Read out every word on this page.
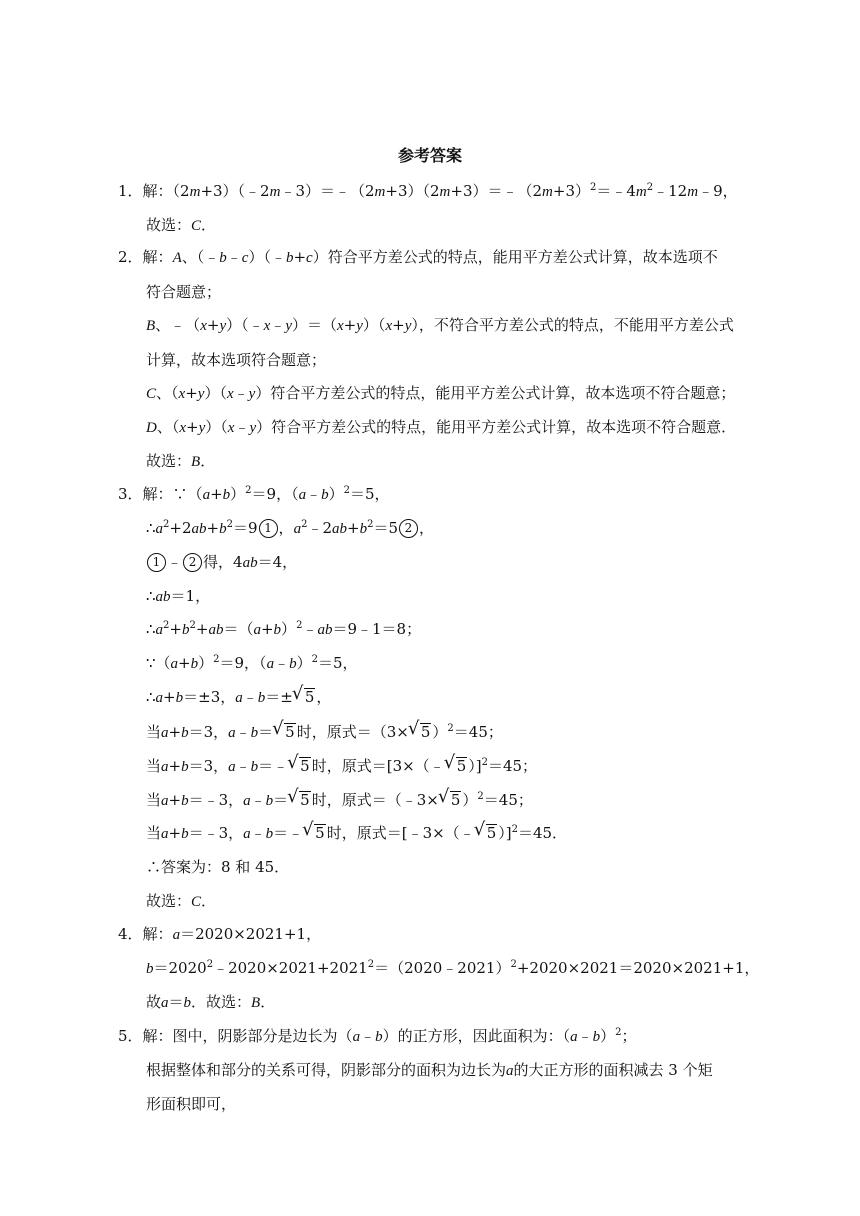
参考答案
1．解：$(2m+3)(﹣2m﹣3)=﹣(2m+3)(2m+3)=﹣(2m+3)^2=﹣4m^2﹣12m﹣9$，
故选：C．
2．解：A、（﹣b﹣c）（﹣b+c）符合平方差公式的特点，能用平方差公式计算，故本选项不
符合题意；
B、﹣（x+y）（﹣x﹣y）＝（x+y）（x+y），不符合平方差公式的特点，不能用平方差公式
计算，故本选项符合题意；
C、（x+y）（x﹣y）符合平方差公式的特点，能用平方差公式计算，故本选项不符合题意；
D、（x+y）（x﹣y）符合平方差公式的特点，能用平方差公式计算，故本选项不符合题意．
故选：B．
3．解：$\because(a+b)^2=9$，（a﹣b）$^2$＝5，
$\therefore a^2+2ab+b^2=9$ 1 ，$a^2﹣2ab+b^2=5$ 2 ，
1 ﹣ 2 得，4ab＝4，
∴ab＝1，
$\therefore a^2+b^2+ab=(a+b)^2﹣ab=9﹣1=8$；
$\because(a+b)^2=9$，（a﹣b）$^2$＝5，
∴a+b＝±3，a﹣b＝± √ 5 ，
当a+b＝3，a﹣b＝ √ 5 时，原式＝（3× √ 5 ）$^2$＝45；
当a+b＝3，a﹣b＝﹣ √ 5 时，原式＝[3×（﹣ √ 5 ）]$^2$＝45；
当a+b＝﹣3，a﹣b＝ √ 5 时，原式＝（﹣3× √ 5 ）$^2$＝45；
当a+b＝﹣3，a﹣b＝﹣ √ 5 时，原式＝[﹣3×（﹣ √ 5 ）]$^2$＝45．
∴答案为：8 和 45．
故选：C．
4．解：a＝2020×2021+1，
$b=2020^2﹣2020\times 2021+2021^2=(2020﹣2021)^2+2020\times 2021=2020\times 2021+1$，
故a＝b．故选：B．
5．解：图中，阴影部分是边长为（a﹣b）的正方形，因此面积为：（a﹣b）$^2$；
根据整体和部分的关系可得，阴影部分的面积为边长为a的大正方形的面积减去 3 个矩
形面积即可，
